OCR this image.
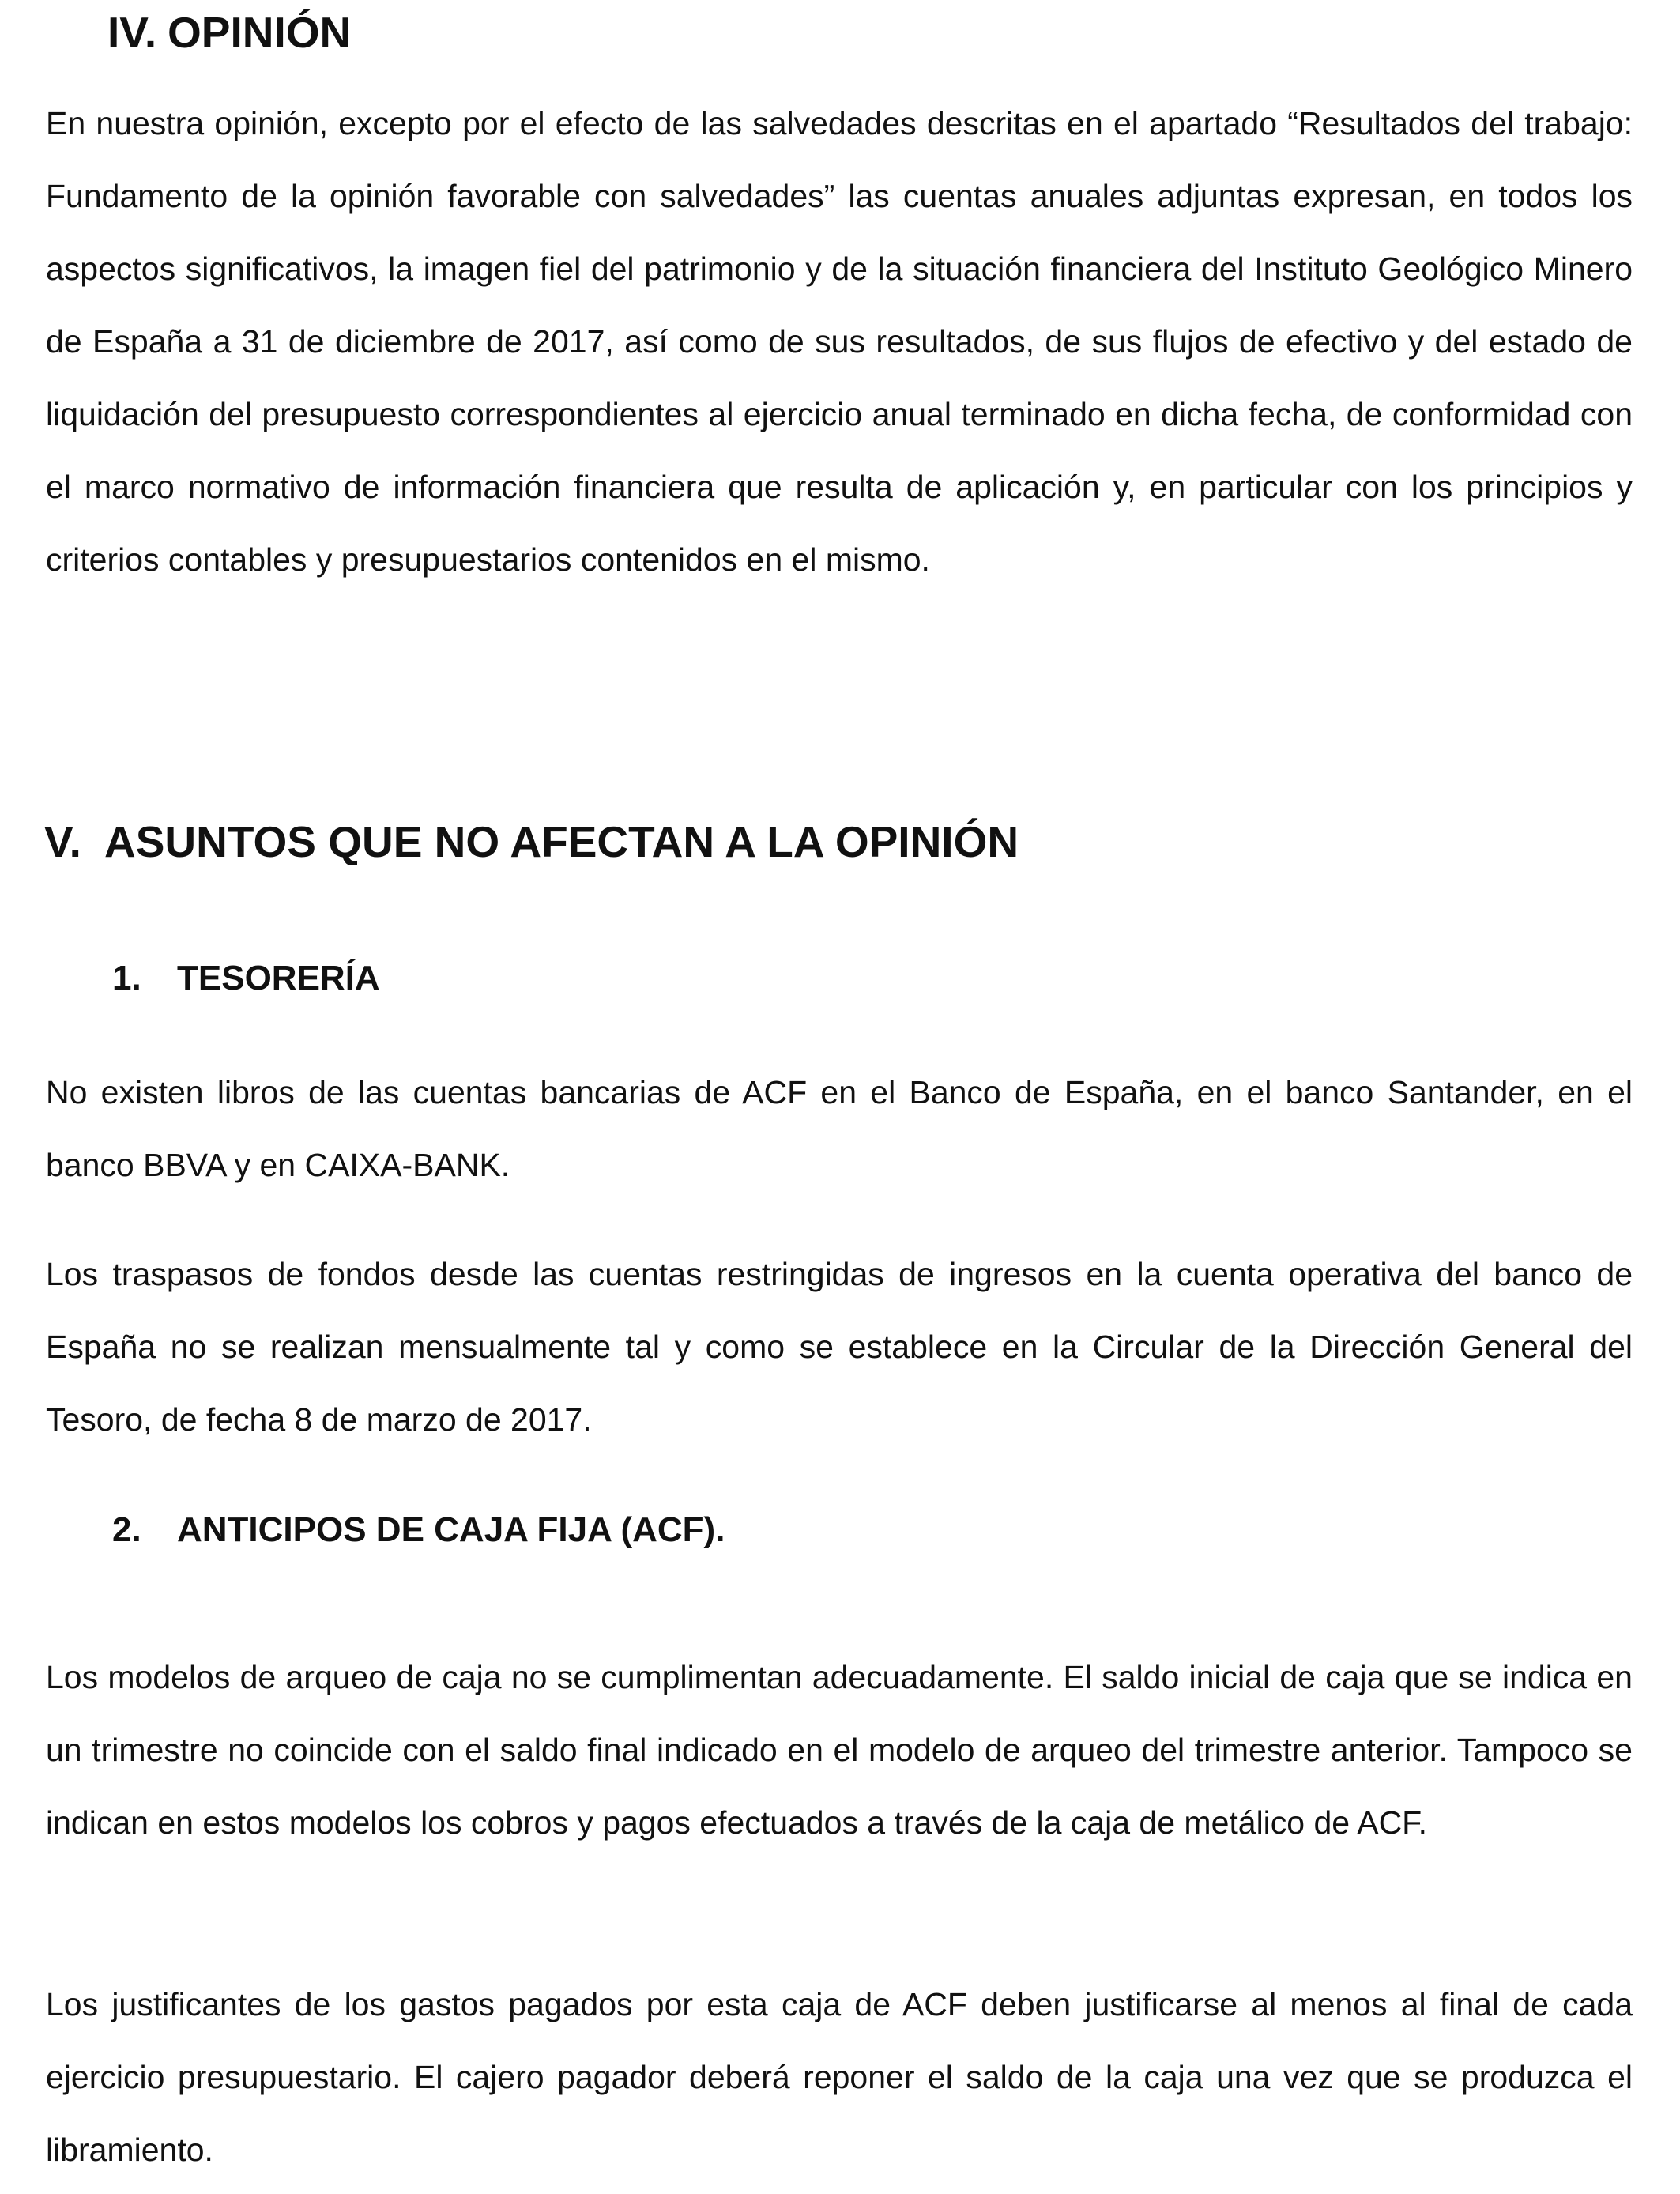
IV. OPINIÓN

En nuestra opinión, excepto por el efecto de las salvedades descritas en el apartado “Resultados del trabajo: Fundamento de la opinión favorable con salvedades” las cuentas anuales adjuntas expresan, en todos los aspectos significativos, la imagen fiel del patrimonio y de la situación financiera del Instituto Geológico Minero de España a 31 de diciembre de 2017, así como de sus resultados, de sus flujos de efectivo y del estado de liquidación del presupuesto correspondientes al ejercicio anual terminado en dicha fecha, de conformidad con el marco normativo de información financiera que resulta de aplicación y, en particular con los principios y criterios contables y presupuestarios contenidos en el mismo.

V. ASUNTOS QUE NO AFECTAN A LA OPINIÓN
1. TESORERÍA

No existen libros de las cuentas bancarias de ACF en el Banco de España, en el banco Santander, en el banco BBVA y en CAIXA-BANK.

Los traspasos de fondos desde las cuentas restringidas de ingresos en la cuenta operativa del banco de España no se realizan mensualmente tal y como se establece en la Circular de la Dirección General del Tesoro, de fecha 8 de marzo de 2017.

2. ANTICIPOS DE CAJA FIJA (ACF).

Los modelos de arqueo de caja no se cumplimentan adecuadamente. El saldo inicial de caja que se indica en un trimestre no coincide con el saldo final indicado en el modelo de arqueo del trimestre anterior. Tampoco se indican en estos modelos los cobros y pagos efectuados a través de la caja de metálico de ACF.

Los justificantes de los gastos pagados por esta caja de ACF deben justificarse al menos al final de cada ejercicio presupuestario. El cajero pagador deberá reponer el saldo de la caja una vez que se produzca el libramiento.
